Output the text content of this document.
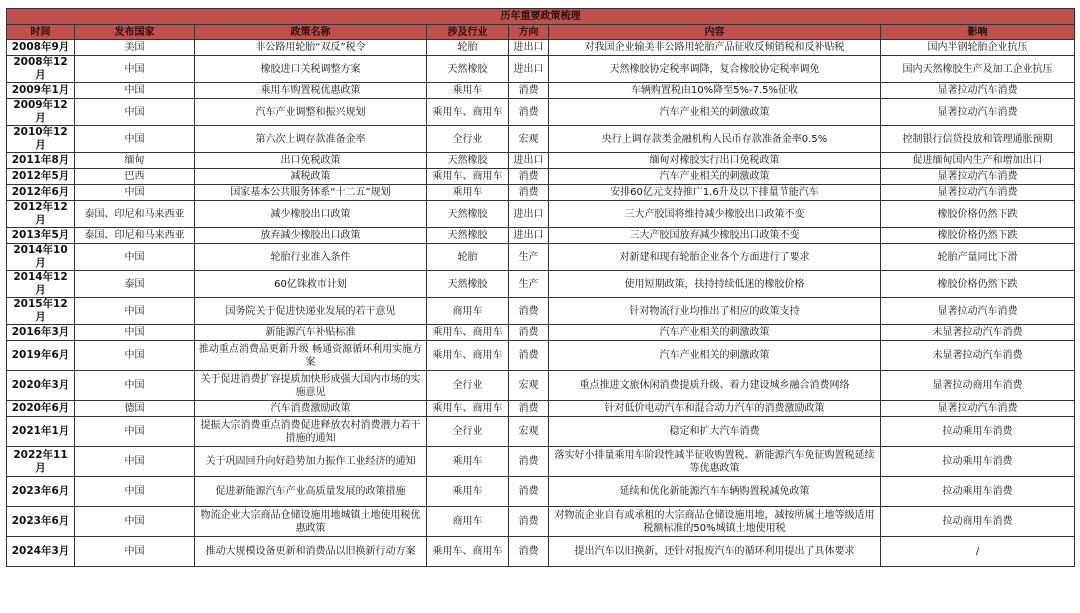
历年重要政策梳理						
时间	发布国家	政策名称	涉及行业	方向	内容	影响
2008年9月	美国	非公路用轮胎“双反”税令	轮胎	进出口	对我国企业输美非公路用轮胎产品征收反倾销税和反补贴税	国内半钢轮胎企业抗压
2008年12月	中国	橡胶进口关税调整方案	天然橡胶	进出口	天然橡胶协定税率调降，复合橡胶协定税率调免	国内天然橡胶生产及加工企业抗压
2009年1月	中国	乘用车购置税优惠政策	乘用车	消费	车辆购置税由10%降至5%-7.5%征收	显著拉动汽车消费
2009年12月	中国	汽车产业调整和振兴规划	乘用车、商用车	消费	汽车产业相关的刺激政策	显著拉动汽车消费
2010年12月	中国	第六次上调存款准备金率	全行业	宏观	央行上调存款类金融机构人民币存款准备金率0.5%	控制银行信贷投放和管理通胀预期
2011年8月	缅甸	出口免税政策	天然橡胶	进出口	缅甸对橡胶实行出口免税政策	促进缅甸国内生产和增加出口
2012年5月	巴西	减税政策	乘用车、商用车	消费	汽车产业相关的刺激政策	显著拉动汽车消费
2012年6月	中国	国家基本公共服务体系“十二五”规划	乘用车	消费	安排60亿元支持推广1.6升及以下排量节能汽车	显著拉动汽车消费
2012年12月	泰国、印尼和马来西亚	减少橡胶出口政策	天然橡胶	进出口	三大产胶国将维持减少橡胶出口政策不变	橡胶价格仍然下跌
2013年5月	泰国、印尼和马来西亚	放弃减少橡胶出口政策	天然橡胶	进出口	三大产胶国放弃减少橡胶出口政策不变	橡胶价格仍然下跌
2014年10月	中国	轮胎行业准入条件	轮胎	生产	对新建和现有轮胎企业各个方面进行了要求	轮胎产量同比下滑
2014年12月	泰国	60亿铢救市计划	天然橡胶	生产	使用短期政策，扶持持续低迷的橡胶价格	橡胶价格仍然下跌
2015年12月	中国	国务院关于促进快递业发展的若干意见	商用车	消费	针对物流行业均推出了相应的政策支持	显著拉动汽车消费
2016年3月	中国	新能源汽车补贴标准	乘用车、商用车	消费	汽车产业相关的刺激政策	未显著拉动汽车消费
2019年6月	中国	推动重点消费品更新升级 畅通资源循环利用实施方案	乘用车、商用车	消费	汽车产业相关的刺激政策	未显著拉动汽车消费
2020年3月	中国	关于促进消费扩容提质加快形成强大国内市场的实施意见	全行业	宏观	重点推进文旅休闲消费提质升级、着力建设城乡融合消费网络	显著拉动商用车消费
2020年6月	德国	汽车消费激励政策	乘用车、商用车	消费	针对低价电动汽车和混合动力汽车的消费激励政策	显著拉动汽车消费
2021年1月	中国	提振大宗消费重点消费促进释放农村消费潜力若干措施的通知	全行业	宏观	稳定和扩大汽车消费	拉动乘用车消费
2022年11月	中国	关于巩固回升向好趋势加力振作工业经济的通知	乘用车	消费	落实好小排量乘用车阶段性减半征收购置税、新能源汽车免征购置税延续等优惠政策	拉动乘用车消费
2023年6月	中国	促进新能源汽车产业高质量发展的政策措施	乘用车	消费	延续和优化新能源汽车车辆购置税减免政策	拉动乘用车消费
2023年6月	中国	物流企业大宗商品仓储设施用地城镇土地使用税优惠政策	商用车	消费	对物流企业自有或承租的大宗商品仓储设施用地，减按所属土地等级适用税额标准的50%城镇土地使用税	拉动商用车消费
2024年3月	中国	推动大规模设备更新和消费品以旧换新行动方案	乘用车、商用车	消费	提出汽车以旧换新，还针对报废汽车的循环利用提出了具体要求	/
